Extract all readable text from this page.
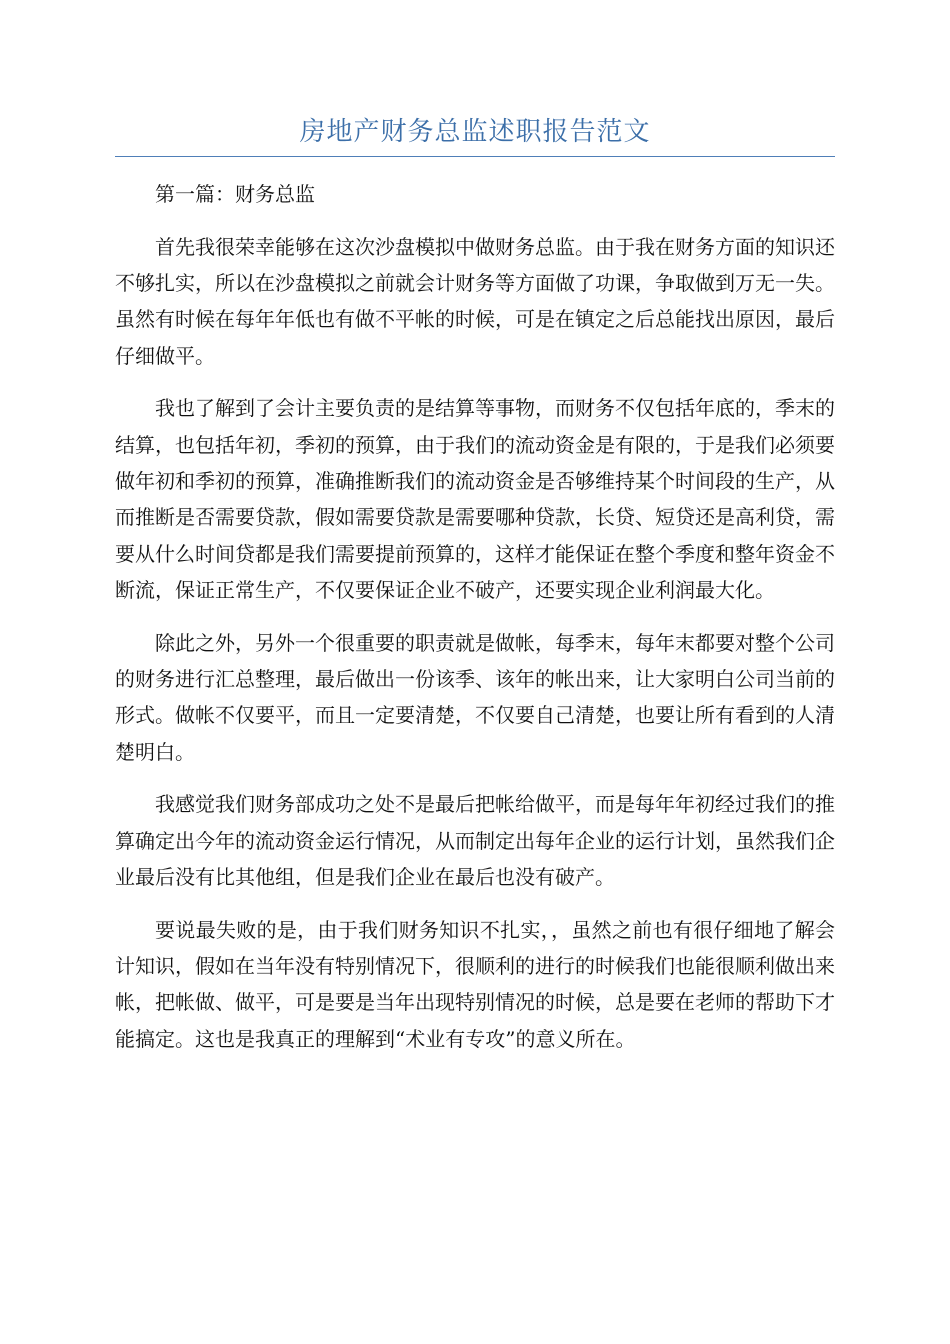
房地产财务总监述职报告范文

第一篇：财务总监

首先我很荣幸能够在这次沙盘模拟中做财务总监。由于我在财务方面的知识还不够扎实，所以在沙盘模拟之前就会计财务等方面做了功课，争取做到万无一失。虽然有时候在每年年低也有做不平帐的时候，可是在镇定之后总能找出原因，最后仔细做平。

我也了解到了会计主要负责的是结算等事物，而财务不仅包括年底的，季末的结算，也包括年初，季初的预算，由于我们的流动资金是有限的，于是我们必须要做年初和季初的预算，准确推断我们的流动资金是否够维持某个时间段的生产，从而推断是否需要贷款，假如需要贷款是需要哪种贷款，长贷、短贷还是高利贷，需要从什么时间贷都是我们需要提前预算的，这样才能保证在整个季度和整年资金不断流，保证正常生产，不仅要保证企业不破产，还要实现企业利润最大化。

除此之外，另外一个很重要的职责就是做帐，每季末，每年末都要对整个公司的财务进行汇总整理，最后做出一份该季、该年的帐出来，让大家明白公司当前的形式。做帐不仅要平，而且一定要清楚，不仅要自己清楚，也要让所有看到的人清楚明白。

我感觉我们财务部成功之处不是最后把帐给做平，而是每年年初经过我们的推算确定出今年的流动资金运行情况，从而制定出每年企业的运行计划，虽然我们企业最后没有比其他组，但是我们企业在最后也没有破产。

要说最失败的是，由于我们财务知识不扎实，，虽然之前也有很仔细地了解会计知识，假如在当年没有特别情况下，很顺利的进行的时候我们也能很顺利做出来帐，把帐做、做平，可是要是当年出现特别情况的时候，总是要在老师的帮助下才能搞定。这也是我真正的理解到“术业有专攻”的意义所在。
